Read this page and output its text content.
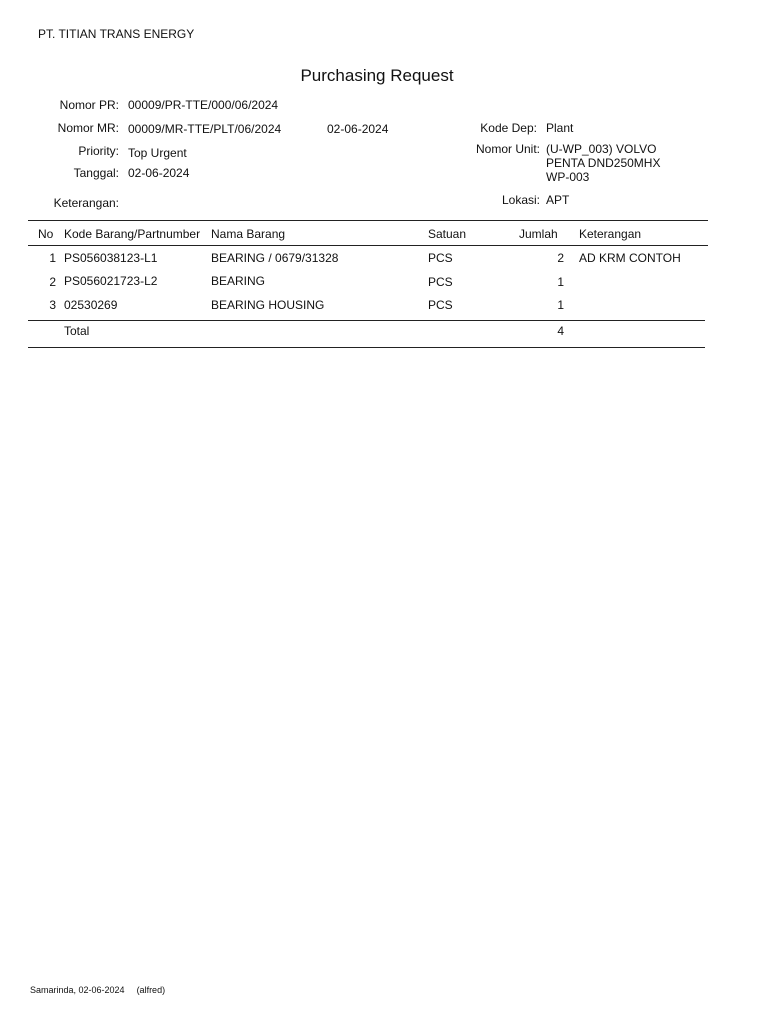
PT. TITIAN TRANS ENERGY
Purchasing Request
Nomor PR: 00009/PR-TTE/000/06/2024
Nomor MR: 00009/MR-TTE/PLT/06/2024	02-06-2024
Priority: Top Urgent
Tanggal: 02-06-2024
Keterangan:
Kode Dep: Plant
Nomor Unit: (U-WP_003) VOLVO
PENTA DND250MHX
WP-003
Lokasi: APT
No Kode Barang/Partnumber Nama Barang	Satuan	Jumlah Keterangan
1 PS056038123-L1	BEARING / 0679/31328	PCS	2 AD KRM CONTOH
2 PS056021723-L2	BEARING	PCS	1
3 02530269	BEARING HOUSING	PCS	1
Total	4
Samarinda, 02-06-2024 (alfred)
